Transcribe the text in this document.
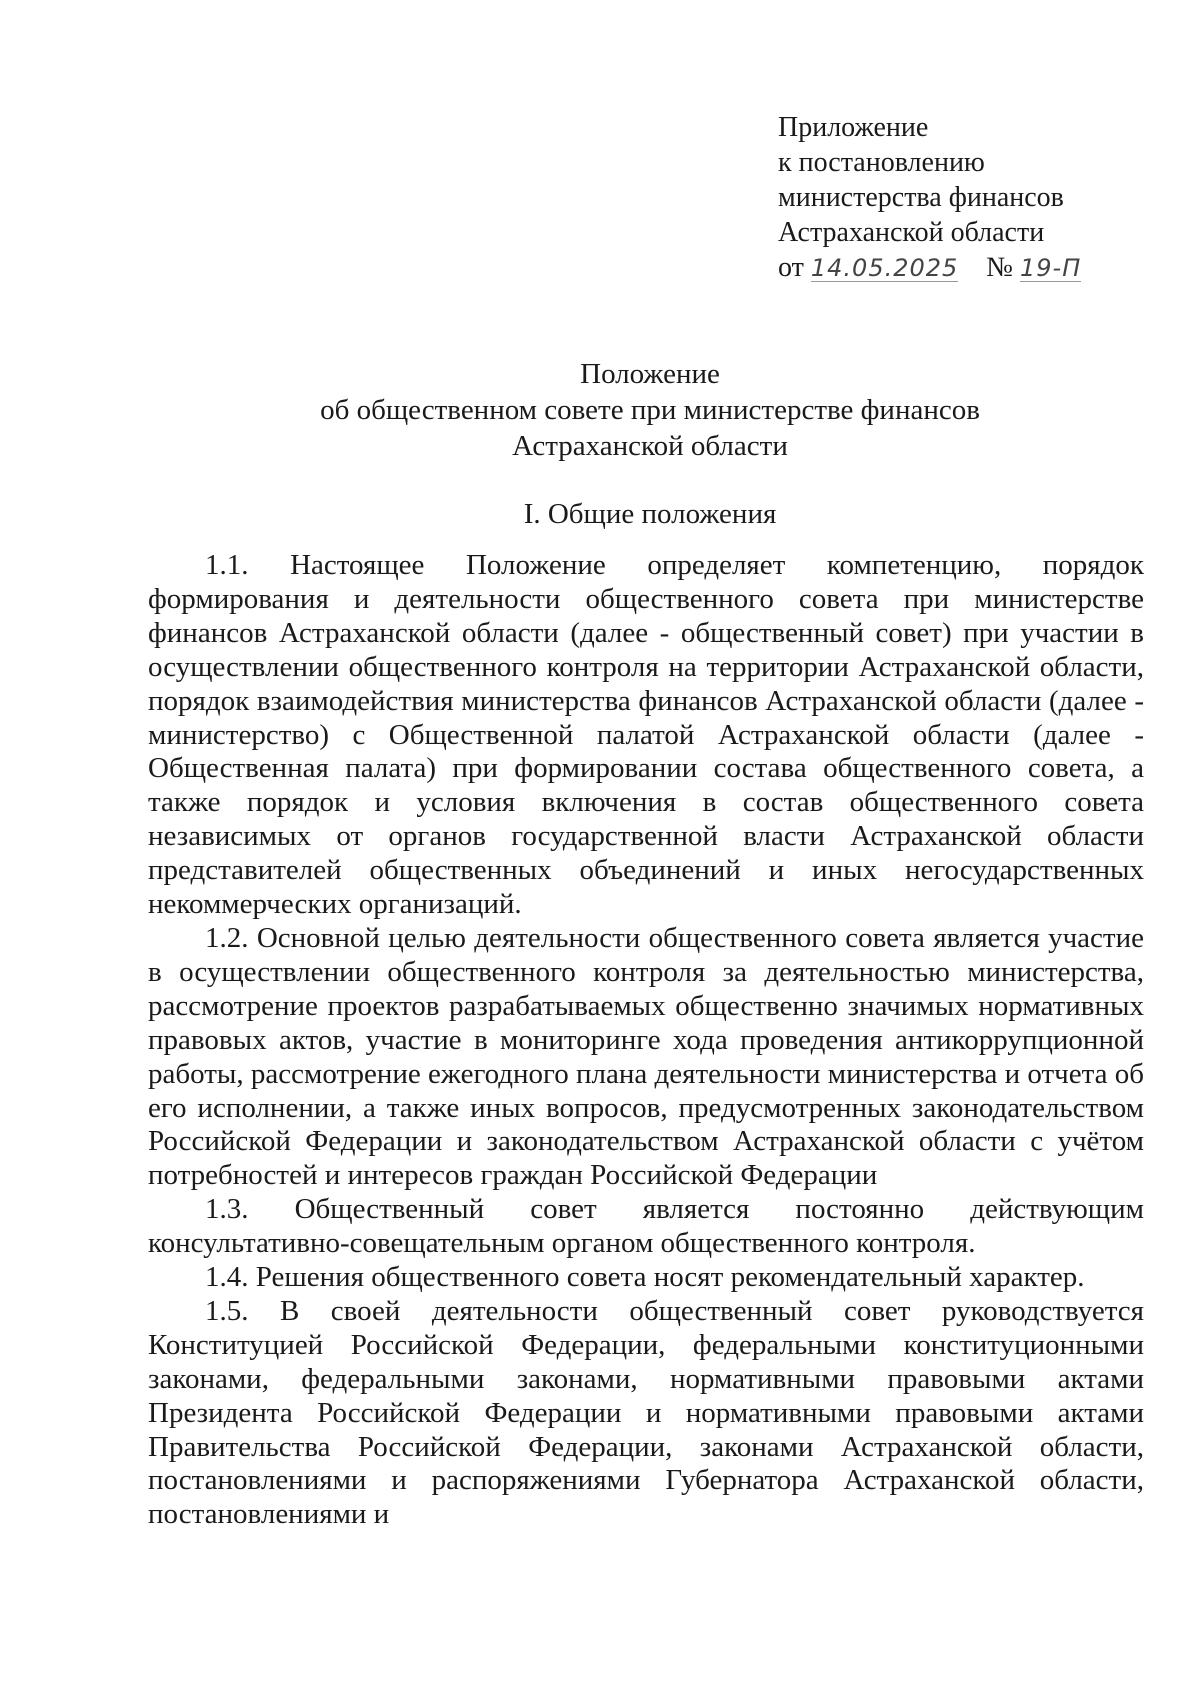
Приложение
к постановлению
министерства финансов
Астраханской области
от 14.05.2025 № 19-П
Положение
об общественном совете при министерстве финансов
Астраханской области
I. Общие положения

1.1. Настоящее Положение определяет компетенцию, порядок формирования и деятельности общественного совета при министерстве финансов Астраханской области (далее - общественный совет) при участии в осуществлении общественного контроля на территории Астраханской области, порядок взаимодействия министерства финансов Астраханской области (далее - министерство) с Общественной палатой Астраханской области (далее - Общественная палата) при формировании состава общественного совета, а также порядок и условия включения в состав общественного совета независимых от органов государственной власти Астраханской области представителей общественных объединений и иных негосударственных некоммерческих организаций.

1.2. Основной целью деятельности общественного совета является участие в осуществлении общественного контроля за деятельностью министерства, рассмотрение проектов разрабатываемых общественно значимых нормативных правовых актов, участие в мониторинге хода проведения антикоррупционной работы, рассмотрение ежегодного плана деятельности министерства и отчета об его исполнении, а также иных вопросов, предусмотренных законодательством Российской Федерации и законодательством Астраханской области с учётом потребностей и интересов граждан Российской Федерации

1.3. Общественный совет является постоянно действующим консультативно-совещательным органом общественного контроля.

1.4. Решения общественного совета носят рекомендательный характер.

1.5. В своей деятельности общественный совет руководствуется Конституцией Российской Федерации, федеральными конституционными законами, федеральными законами, нормативными правовыми актами Президента Российской Федерации и нормативными правовыми актами Правительства Российской Федерации, законами Астраханской области, постановлениями и распоряжениями Губернатора Астраханской области, постановлениями и
